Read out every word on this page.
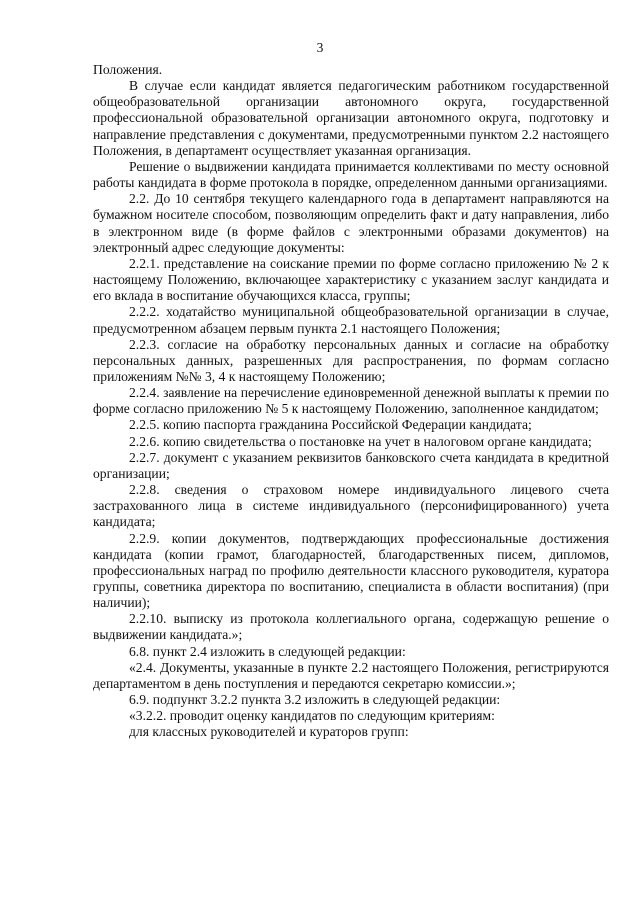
3

Положения.

В случае если кандидат является педагогическим работником государственной общеобразовательной организации автономного округа, государственной профессиональной образовательной организации автономного округа, подготовку и направление представления с документами, предусмотренными пунктом 2.2 настоящего Положения, в департамент осуществляет указанная организация.

Решение о выдвижении кандидата принимается коллективами по месту основной работы кандидата в форме протокола в порядке, определенном данными организациями.

2.2. До 10 сентября текущего календарного года в департамент направляются на бумажном носителе способом, позволяющим определить факт и дату направления, либо в электронном виде (в форме файлов с электронными образами документов) на электронный адрес следующие документы:

2.2.1. представление на соискание премии по форме согласно приложению № 2 к настоящему Положению, включающее характеристику с указанием заслуг кандидата и его вклада в воспитание обучающихся класса, группы;

2.2.2. ходатайство муниципальной общеобразовательной организации в случае, предусмотренном абзацем первым пункта 2.1 настоящего Положения;

2.2.3. согласие на обработку персональных данных и согласие на обработку персональных данных, разрешенных для распространения, по формам согласно приложениям №№ 3, 4 к настоящему Положению;

2.2.4. заявление на перечисление единовременной денежной выплаты к премии по форме согласно приложению № 5 к настоящему Положению, заполненное кандидатом;

2.2.5. копию паспорта гражданина Российской Федерации кандидата;

2.2.6. копию свидетельства о постановке на учет в налоговом органе кандидата;

2.2.7. документ с указанием реквизитов банковского счета кандидата в кредитной организации;

2.2.8. сведения о страховом номере индивидуального лицевого счета застрахованного лица в системе индивидуального (персонифицированного) учета кандидата;

2.2.9. копии документов, подтверждающих профессиональные достижения кандидата (копии грамот, благодарностей, благодарственных писем, дипломов, профессиональных наград по профилю деятельности классного руководителя, куратора группы, советника директора по воспитанию, специалиста в области воспитания) (при наличии);

2.2.10. выписку из протокола коллегиального органа, содержащую решение о выдвижении кандидата.»;

6.8. пункт 2.4 изложить в следующей редакции:

«2.4. Документы, указанные в пункте 2.2 настоящего Положения, регистрируются департаментом в день поступления и передаются секретарю комиссии.»;

6.9. подпункт 3.2.2 пункта 3.2 изложить в следующей редакции:

«3.2.2. проводит оценку кандидатов по следующим критериям:

для классных руководителей и кураторов групп:
